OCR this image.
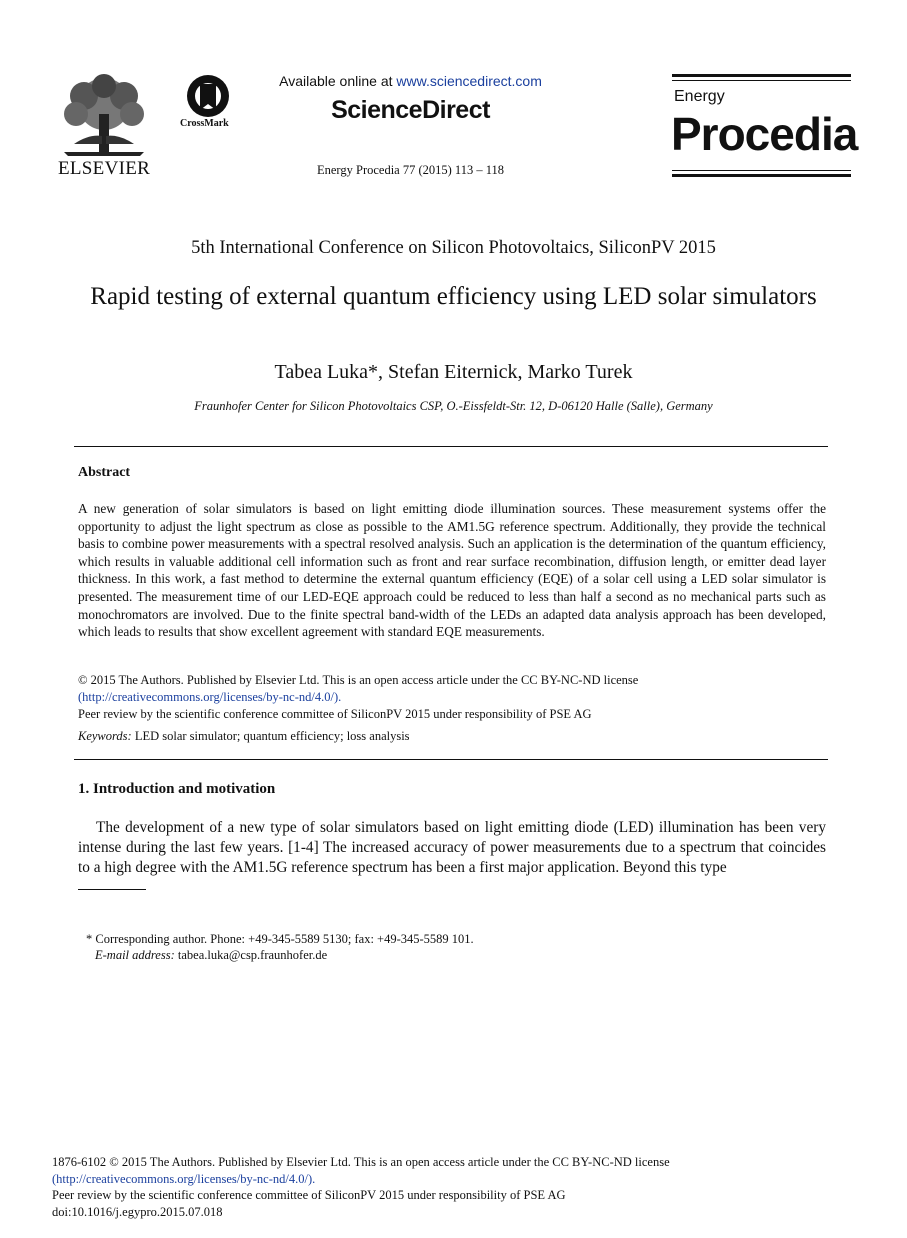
ELSEVIER
CrossMark
Available online at www.sciencedirect.com
ScienceDirect
Energy Procedia 77 (2015) 113 – 118
Energy
Procedia
5th International Conference on Silicon Photovoltaics, SiliconPV 2015
Rapid testing of external quantum efficiency using LED solar simulators
Tabea Luka*, Stefan Eiternick, Marko Turek
Fraunhofer Center for Silicon Photovoltaics CSP, O.-Eissfeldt-Str. 12, D-06120 Halle (Salle), Germany
Abstract
A new generation of solar simulators is based on light emitting diode illumination sources. These measurement systems offer the opportunity to adjust the light spectrum as close as possible to the AM1.5G reference spectrum. Additionally, they provide the technical basis to combine power measurements with a spectral resolved analysis. Such an application is the determination of the quantum efficiency, which results in valuable additional cell information such as front and rear surface recombination, diffusion length, or emitter dead layer thickness. In this work, a fast method to determine the external quantum efficiency (EQE) of a solar cell using a LED solar simulator is presented. The measurement time of our LED-EQE approach could be reduced to less than half a second as no mechanical parts such as monochromators are involved. Due to the finite spectral band-width of the LEDs an adapted data analysis approach has been developed, which leads to results that show excellent agreement with standard EQE measurements.
© 2015 The Authors. Published by Elsevier Ltd. This is an open access article under the CC BY-NC-ND license
(http://creativecommons.org/licenses/by-nc-nd/4.0/).
Peer review by the scientific conference committee of SiliconPV 2015 under responsibility of PSE AG
Keywords: LED solar simulator; quantum efficiency; loss analysis
1. Introduction and motivation
The development of a new type of solar simulators based on light emitting diode (LED) illumination has been very intense during the last few years. [1-4] The increased accuracy of power measurements due to a spectrum that coincides to a high degree with the AM1.5G reference spectrum has been a first major application. Beyond this type
* Corresponding author. Phone: +49-345-5589 5130; fax: +49-345-5589 101.
E-mail address: tabea.luka@csp.fraunhofer.de
1876-6102 © 2015 The Authors. Published by Elsevier Ltd. This is an open access article under the CC BY-NC-ND license
(http://creativecommons.org/licenses/by-nc-nd/4.0/).
Peer review by the scientific conference committee of SiliconPV 2015 under responsibility of PSE AG
doi:10.1016/j.egypro.2015.07.018
